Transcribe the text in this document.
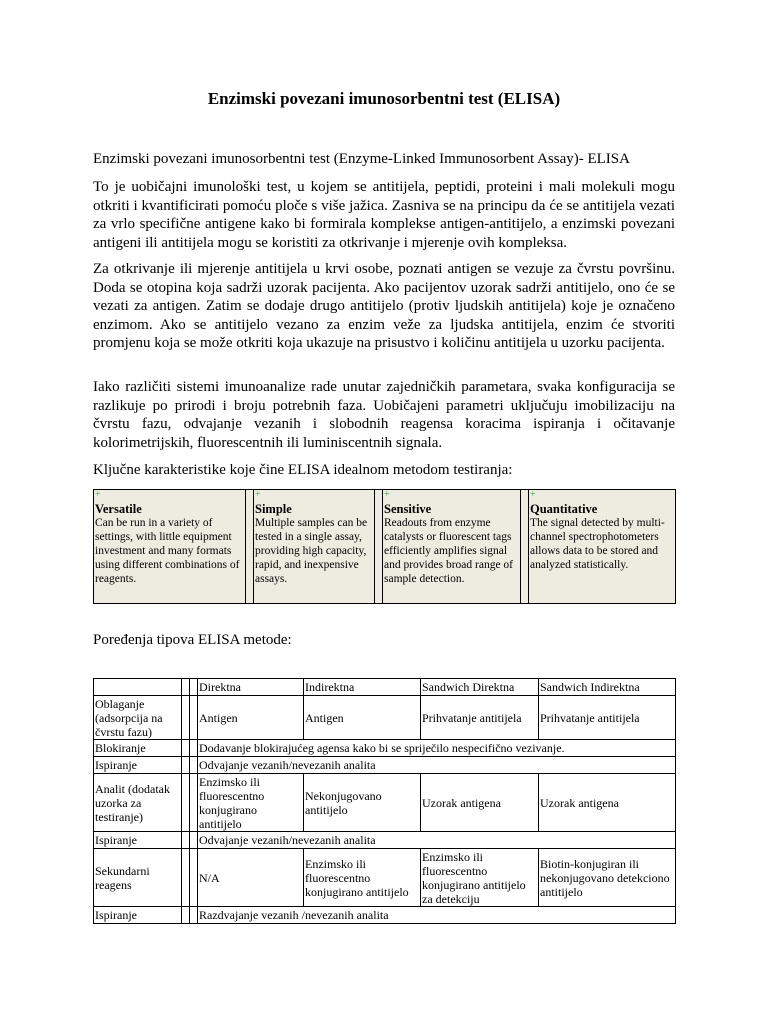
Enzimski povezani imunosorbentni test (ELISA)
Enzimski povezani imunosorbentni test (Enzyme-Linked Immunosorbent Assay)- ELISA
To je uobičajni imunološki test, u kojem se antitijela, peptidi, proteini i mali molekuli mogu otkriti i kvantificirati pomoću ploče s više jažica. Zasniva se na principu da će se antitijela vezati za vrlo specifične antigene kako bi formirala komplekse antigen-antitijelo, a enzimski povezani antigeni ili antitijela mogu se koristiti za otkrivanje i mjerenje ovih kompleksa.
Za otkrivanje ili mjerenje antitijela u krvi osobe, poznati antigen se vezuje za čvrstu površinu. Doda se otopina koja sadrži uzorak pacijenta. Ako pacijentov uzorak sadrži antitijelo, ono će se vezati za antigen. Zatim se dodaje drugo antitijelo (protiv ljudskih antitijela) koje je označeno enzimom. Ako se antitijelo vezano za enzim veže za ljudska antitijela, enzim će stvoriti promjenu koja se može otkriti koja ukazuje na prisustvo i količinu antitijela u uzorku pacijenta.
Iako različiti sistemi imunoanalize rade unutar zajedničkih parametara, svaka konfiguracija se razlikuje po prirodi i broju potrebnih faza. Uobičajeni parametri uključuju imobilizaciju na čvrstu fazu, odvajanje vezanih i slobodnih reagensa koracima ispiranja i očitavanje kolorimetrijskih, fluorescentnih ili luminiscentnih signala.
Ključne karakteristike koje čine ELISA idealnom metodom testiranja:
+
Versatile
Can be run in a variety of settings, with little equipment investment and many formats using different combinations of reagents.		
+
Simple
Multiple samples can be tested in a single assay, providing high capacity, rapid, and inexpensive assays.		
+
Sensitive
Readouts from enzyme catalysts or fluorescent tags efficiently amplifies signal and provides broad range of sample detection.		
+
Quantitative
The signal detected by multi-channel spectrophotometers allows data to be stored and analyzed statistically.
Poređenja tipova ELISA metode:
			Direktna	Indirektna	Sandwich Direktna	Sandwich Indirektna
Oblaganje (adsorpcija na čvrstu fazu)			Antigen	Antigen	Prihvatanje antitijela	Prihvatanje antitijela
Blokiranje			Dodavanje blokirajućeg agensa kako bi se spriječilo nespecifično vezivanje.			
Ispiranje			Odvajanje vezanih/nevezanih analita			
Analit (dodatak uzorka za testiranje)			Enzimsko ili fluorescentno konjugirano antitijelo	Nekonjugovano antitijelo	Uzorak antigena	Uzorak antigena
Ispiranje			Odvajanje vezanih/nevezanih analita			
Sekundarni reagens			N/A	Enzimsko ili fluorescentno konjugirano antitijelo	Enzimsko ili fluorescentno konjugirano antitijelo za detekciju	Biotin-konjugiran ili nekonjugovano detekciono antitijelo
Ispiranje			Razdvajanje vezanih /nevezanih analita			
